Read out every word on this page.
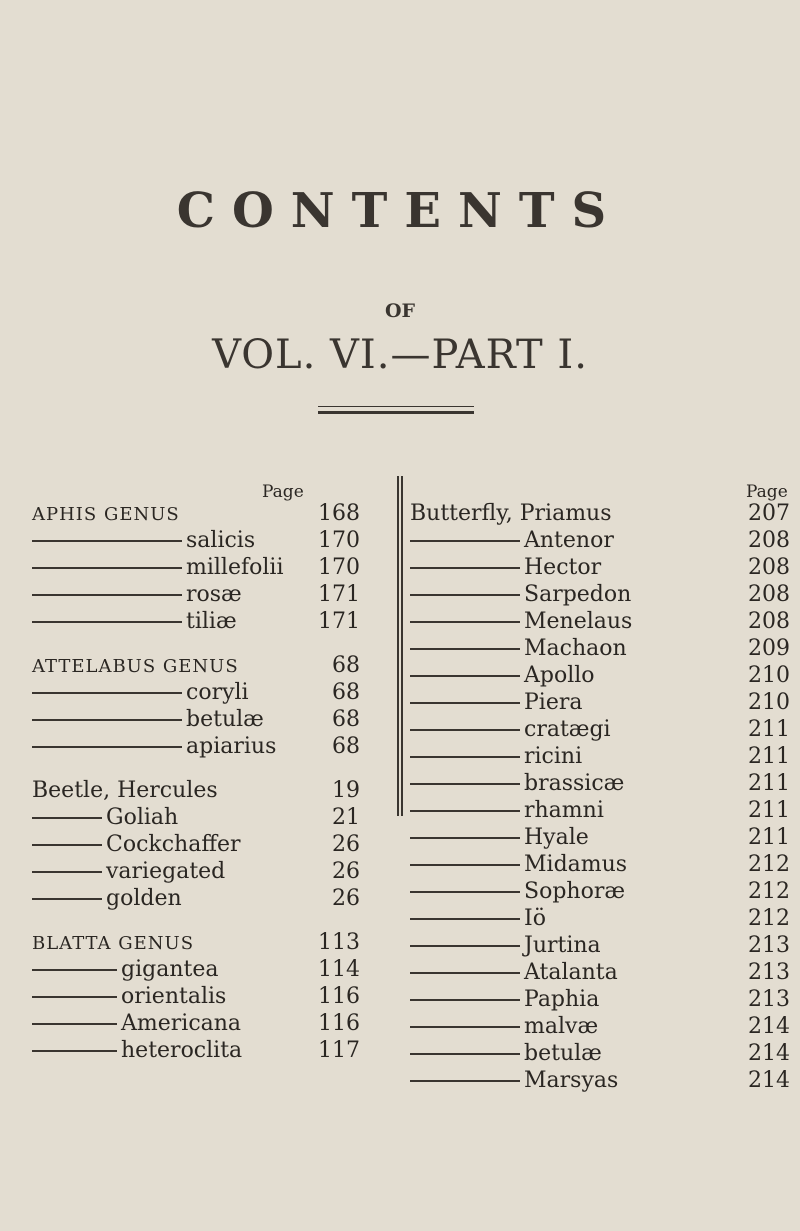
CONTENTS
OF
VOL. VI.—PART I.
Page	Page
APHIS GENUS	168
salicis	170
millefolii 170
rosæ	171
tiliæ	171
ATTELABUS GENUS	68
coryli	68
betulæ	68
apiarius	68
Beetle, Hercules	19
Goliah	21
Cockchaffer	26
variegated	26
golden	26
BLATTA GENUS	113
gigantea	114
orientalis	116
Americana	116
heteroclita	117
Butterfly, Priamus	207
Antenor	208
Hector	208
Sarpedon	208
Menelaus	208
Machaon	209
Apollo	210
Piera	210
cratægi	211
ricini	211
brassicæ	211
rhamni	211
Hyale	211
Midamus	212
Sophoræ	212
Iö	212
Jurtina	213
Atalanta	213
Paphia	213
malvæ	214
betulæ	214
Marsyas	214
